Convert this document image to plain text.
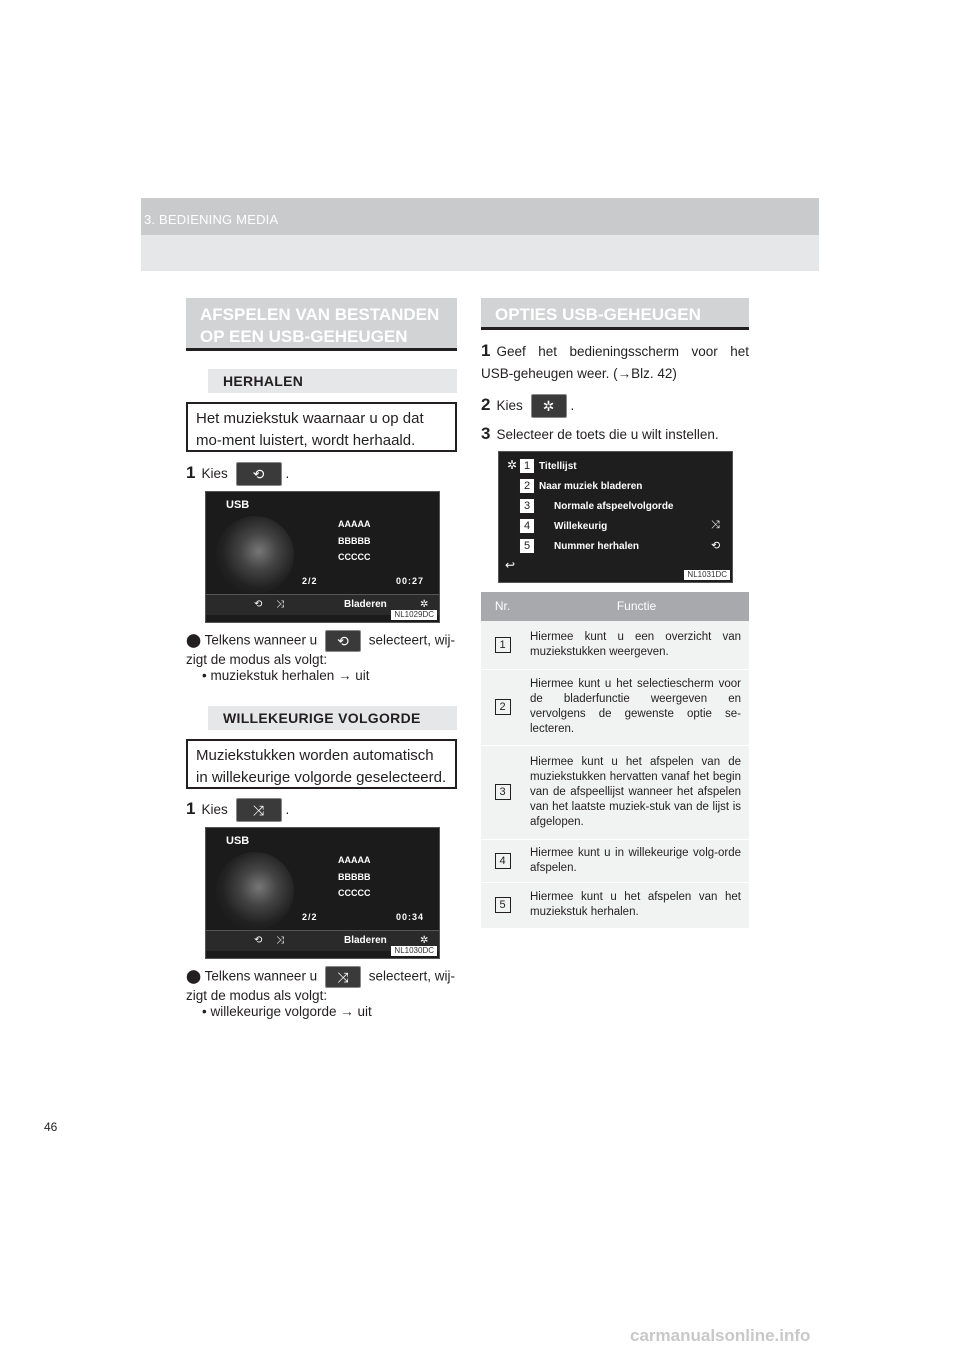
3. BEDIENING MEDIA
AFSPELEN VAN BESTANDEN OP EEN USB-GEHEUGEN
HERHALEN
Het muziekstuk waarnaar u op dat mo-ment luistert, wordt herhaald.
1 Kies ⟲ .
USB
AAAAA
BBBBB
CCCCC
2/2	00:27
⟲ ⤨	Bladeren	✲
NL1029DC
⬤ Telkens wanneer u ⟲ selecteert, wij-zigt de modus als volgt:
• muziekstuk herhalen → uit
WILLEKEURIGE VOLGORDE
Muziekstukken worden automatisch in willekeurige volgorde geselecteerd.
1 Kies ⤨ .
USB
AAAAA
BBBBB
CCCCC
2/2	00:34
⟲ ⤨	Bladeren	✲
NL1030DC
⬤ Telkens wanneer u ⤨ selecteert, wij-zigt de modus als volgt:
• willekeurige volgorde → uit
OPTIES USB-GEHEUGEN
1 Geef het bedieningsscherm voor het USB-geheugen weer. (→Blz. 42)
2 Kies ✲ .
3 Selecteer de toets die u wilt instellen.
✲ Titellijst
Naar muziek bladeren
Normale afspeelvolgorde
Willekeurig
Nummer herhalen
⤨
⟲
↩
1
2
3
4
5
NL1031DC
Nr.	Functie
1	Hiermee kunt u een overzicht van muziekstukken weergeven.
2	Hiermee kunt u het selectiescherm voor de bladerfunctie weergeven en vervolgens de gewenste optie se-lecteren.
3	Hiermee kunt u het afspelen van de muziekstukken hervatten vanaf het begin van de afspeellijst wanneer het afspelen van het laatste muziek-stuk van de lijst is afgelopen.
4	Hiermee kunt u in willekeurige volg-orde afspelen.
5	Hiermee kunt u het afspelen van het muziekstuk herhalen.
46
carmanualsonline.info
